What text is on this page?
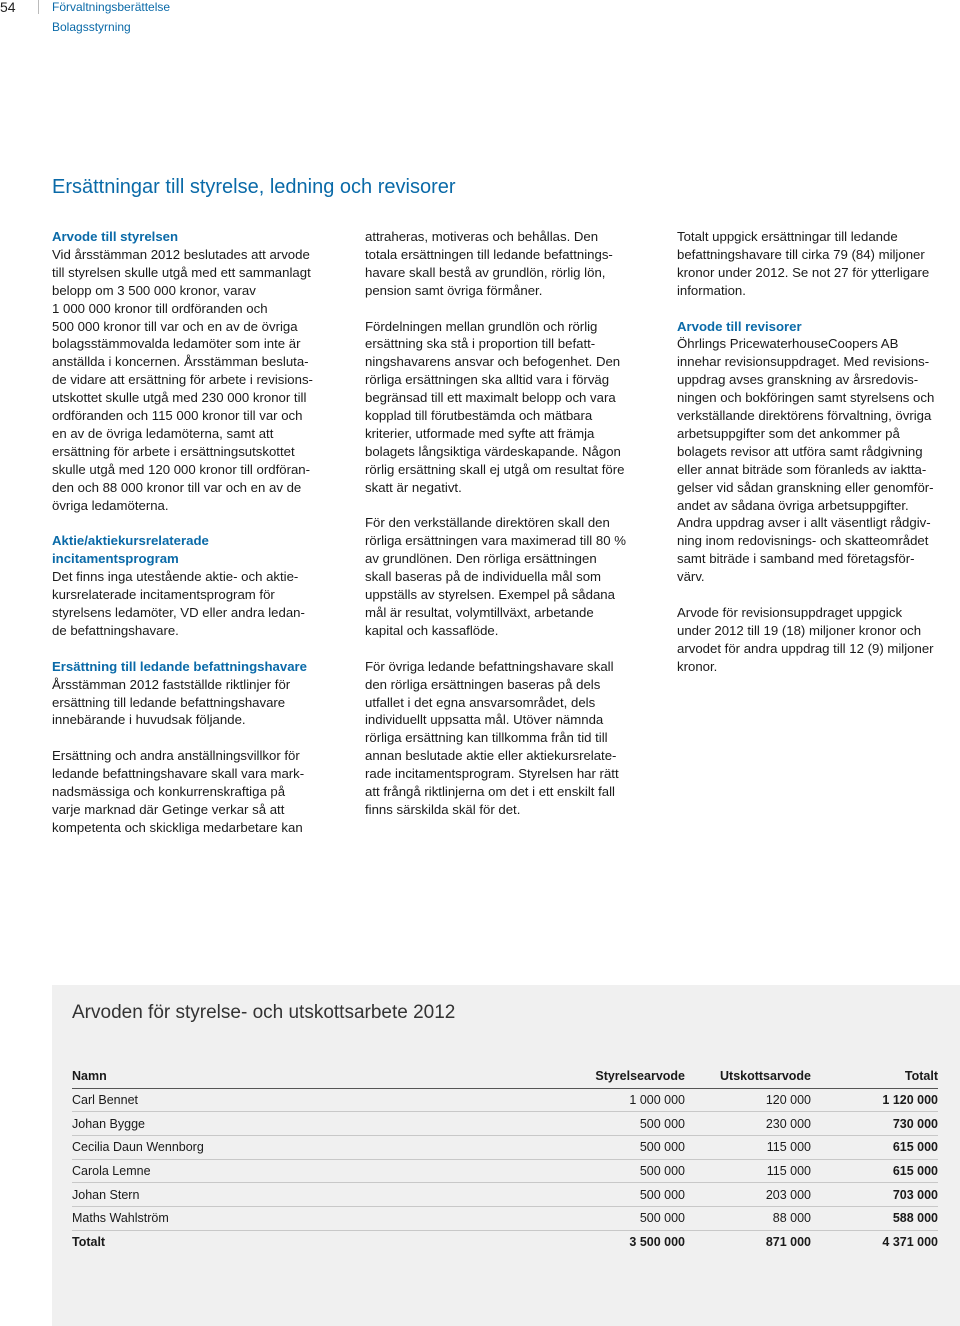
54	Förvaltningsberättelse
Bolagsstyrning
Ersättningar till styrelse, ledning och revisorer
Arvode till styrelsen

Vid årsstämman 2012 beslutades att arvode
till styrelsen skulle utgå med ett sammanlagt
belopp om 3 500 000 kronor, varav
1 000 000 kronor till ordföranden och
500 000 kronor till var och en av de övriga
bolagsstämmovalda ledamöter som inte är
anställda i koncernen. Årsstämman besluta-
de vidare att ersättning för arbete i revisions-
utskottet skulle utgå med 230 000 kronor till
ordföranden och 115 000 kronor till var och
en av de övriga ledamöterna, samt att
ersättning för arbete i ersättningsutskottet
skulle utgå med 120 000 kronor till ordföran-
den och 88 000 kronor till var och en av de
övriga ledamöterna.

Aktie/aktiekursrelaterade
incitamentsprogram

Det finns inga utestående aktie- och aktie-
kursrelaterade incitamentsprogram för
styrelsens ledamöter, VD eller andra ledan-
de befattningshavare.

Ersättning till ledande befattningshavare

Årsstämman 2012 fastställde riktlinjer för
ersättning till ledande befattningshavare
innebärande i huvudsak följande.

Ersättning och andra anställningsvillkor för
ledande befattningshavare skall vara mark-
nadsmässiga och konkurrenskraftiga på
varje marknad där Getinge verkar så att
kompetenta och skickliga medarbetare kan

attraheras, motiveras och behållas. Den
totala ersättningen till ledande befattnings-
havare skall bestå av grundlön, rörlig lön,
pension samt övriga förmåner.

Fördelningen mellan grundlön och rörlig
ersättning ska stå i proportion till befatt-
ningshavarens ansvar och befogenhet. Den
rörliga ersättningen ska alltid vara i förväg
begränsad till ett maximalt belopp och vara
kopplad till förutbestämda och mätbara
kriterier, utformade med syfte att främja
bolagets långsiktiga värdeskapande. Någon
rörlig ersättning skall ej utgå om resultat före
skatt är negativt.

För den verkställande direktören skall den
rörliga ersättningen vara maximerad till 80 %
av grundlönen. Den rörliga ersättningen
skall baseras på de individuella mål som
uppställs av styrelsen. Exempel på sådana
mål är resultat, volymtillväxt, arbetande
kapital och kassaflöde.

För övriga ledande befattningshavare skall
den rörliga ersättningen baseras på dels
utfallet i det egna ansvarsområdet, dels
individuellt uppsatta mål. Utöver nämnda
rörliga ersättning kan tillkomma från tid till
annan beslutade aktie eller aktiekursrelate-
rade incitamentsprogram. Styrelsen har rätt
att frångå riktlinjerna om det i ett enskilt fall
finns särskilda skäl för det.

Totalt uppgick ersättningar till ledande
befattningshavare till cirka 79 (84) miljoner
kronor under 2012. Se not 27 för ytterligare
information.

Arvode till revisorer

Öhrlings PricewaterhouseCoopers AB
innehar revisionsuppdraget. Med revisions-
uppdrag avses granskning av årsredovis-
ningen och bokföringen samt styrelsens och
verkställande direktörens förvaltning, övriga
arbetsuppgifter som det ankommer på
bolagets revisor att utföra samt rådgivning
eller annat biträde som föranleds av iaktta-
gelser vid sådan granskning eller genomför-
andet av sådana övriga arbetsuppgifter.
Andra uppdrag avser i allt väsentligt rådgiv-
ning inom redovisnings- och skatteområdet
samt biträde i samband med företagsför-
värv.

Arvode för revisionsuppdraget uppgick
under 2012 till 19 (18) miljoner kronor och
arvodet för andra uppdrag till 12 (9) miljoner
kronor.

Arvoden för styrelse- och utskottsarbete 2012
Namn	Styrelsearvode	Utskottsarvode	Totalt
Carl Bennet	1 000 000	120 000	1 120 000
Johan Bygge	500 000	230 000	730 000
Cecilia Daun Wennborg	500 000	115 000	615 000
Carola Lemne	500 000	115 000	615 000
Johan Stern	500 000	203 000	703 000
Maths Wahlström	500 000	88 000	588 000
Totalt	3 500 000	871 000	4 371 000
